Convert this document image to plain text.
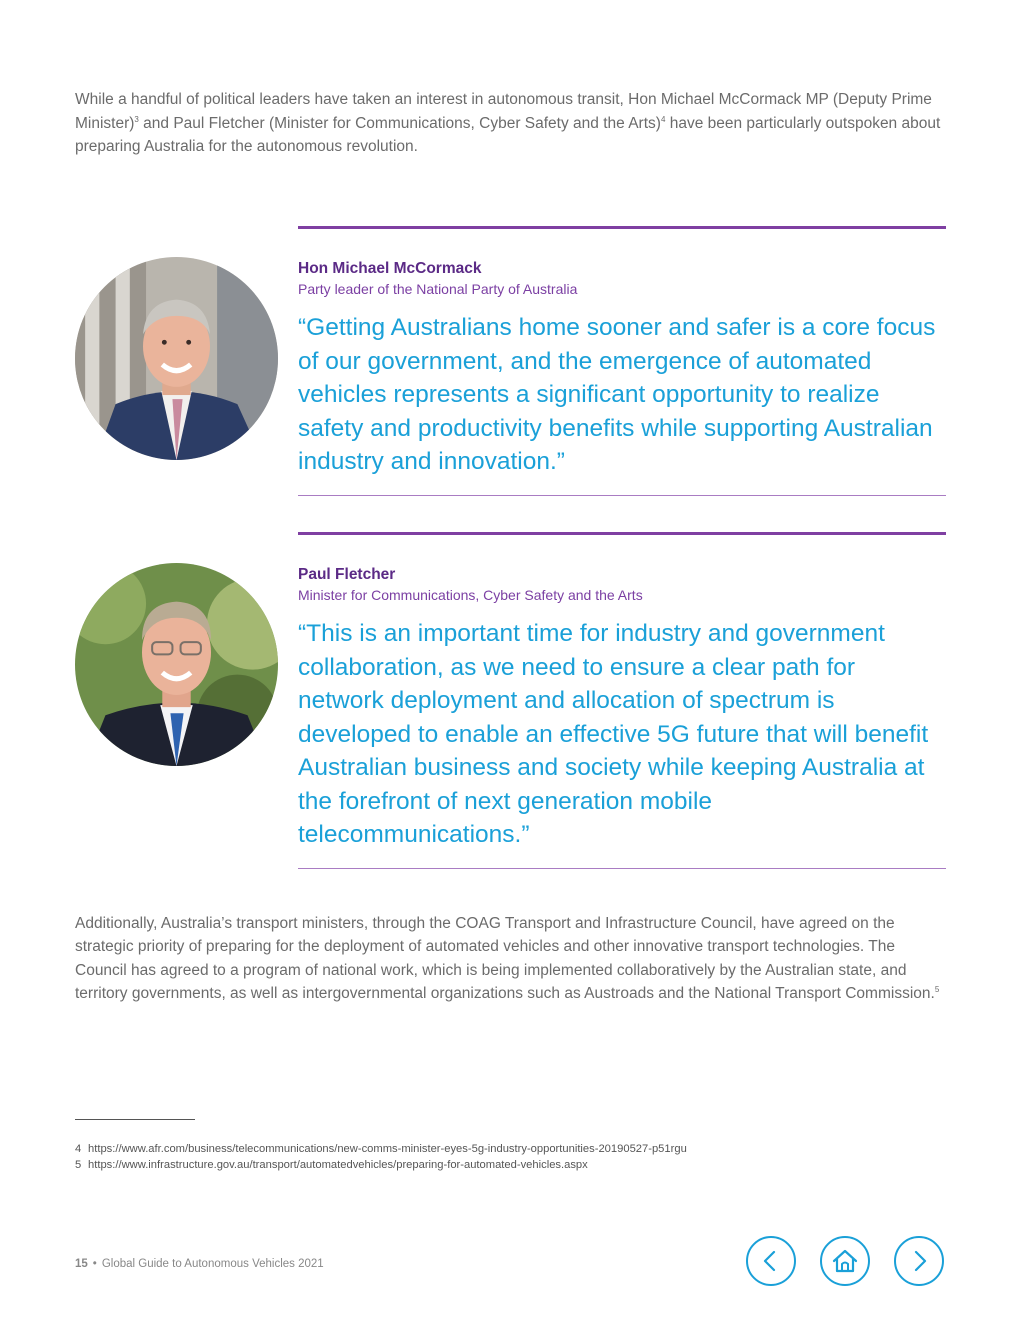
While a handful of political leaders have taken an interest in autonomous transit, Hon Michael McCormack MP (Deputy Prime Minister)$^3$ and Paul Fletcher (Minister for Communications, Cyber Safety and the Arts)$^4$ have been particularly outspoken about preparing Australia for the autonomous revolution.

Hon Michael McCormack

Party leader of the National Party of Australia

“Getting Australians home sooner and safer is a core focus of our government, and the emergence of automated vehicles represents a significant opportunity to realize safety and productivity benefits while supporting Australian industry and innovation.”

Paul Fletcher

Minister for Communications, Cyber Safety and the Arts

“This is an important time for industry and government collaboration, as we need to ensure a clear path for network deployment and allocation of spectrum is developed to enable an effective 5G future that will benefit Australian business and society while keeping Australia at the forefront of next generation mobile telecommunications.”

Additionally, Australia’s transport ministers, through the COAG Transport and Infrastructure Council, have agreed on the strategic priority of preparing for the deployment of automated vehicles and other innovative transport technologies. The Council has agreed to a program of national work, which is being implemented collaboratively by the Australian state, and territory governments, as well as intergovernmental organizations such as Austroads and the National Transport Commission.$^5$

4 https://www.afr.com/business/telecommunications/new-comms-minister-eyes-5g-industry-opportunities-20190527-p51rgu
5 https://www.infrastructure.gov.au/transport/automatedvehicles/preparing-for-automated-vehicles.aspx
15 • Global Guide to Autonomous Vehicles 2021
